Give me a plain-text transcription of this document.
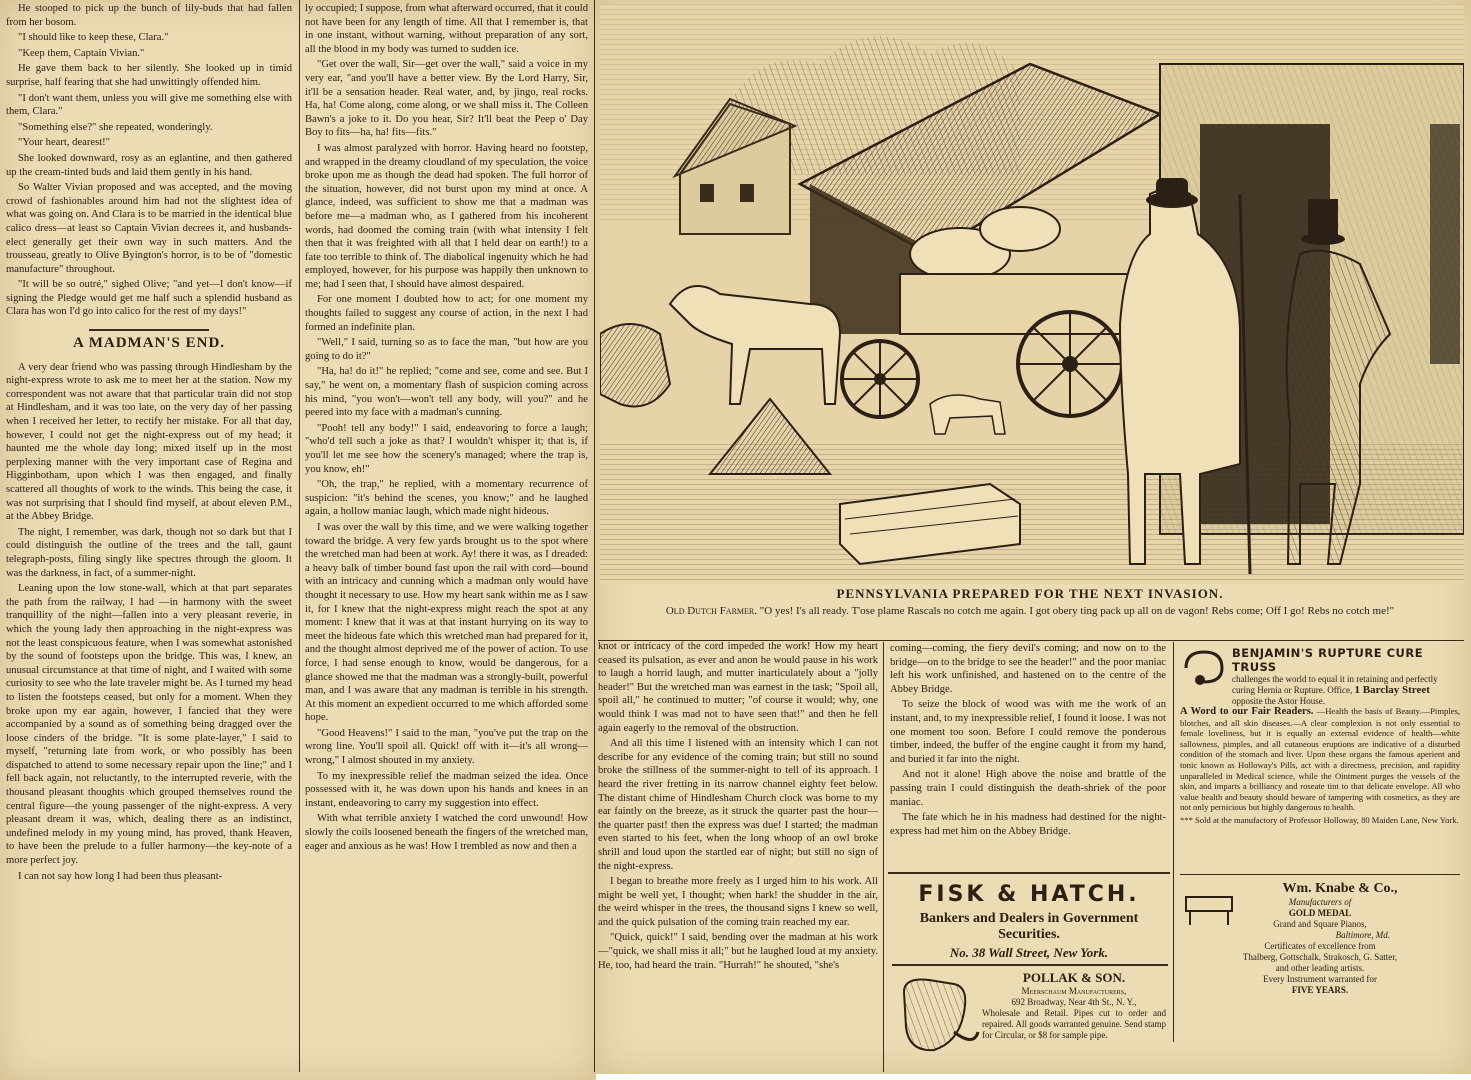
He stooped to pick up the bunch of lily-buds that had fallen from her bosom.

"I should like to keep these, Clara."

"Keep them, Captain Vivian."

He gave them back to her silently. She looked up in timid surprise, half fearing that she had unwittingly offended him.

"I don't want them, unless you will give me something else with them, Clara."

"Something else?" she repeated, wonderingly.

"Your heart, dearest!"

She looked downward, rosy as an eglantine, and then gathered up the cream-tinted buds and laid them gently in his hand.

So Walter Vivian proposed and was accepted, and the moving crowd of fashionables around him had not the slightest idea of what was going on. And Clara is to be married in the identical blue calico dress—at least so Captain Vivian decrees it, and husbands-elect generally get their own way in such matters. And the trousseau, greatly to Olive Byington's horror, is to be of "domestic manufacture" throughout.

"It will be so outré," sighed Olive; "and yet—I don't know—if signing the Pledge would get me half such a splendid husband as Clara has won I'd go into calico for the rest of my days!"

A MADMAN'S END.

A very dear friend who was passing through Hindlesham by the night-express wrote to ask me to meet her at the station. Now my correspondent was not aware that that particular train did not stop at Hindlesham, and it was too late, on the very day of her passing when I received her letter, to rectify her mistake. For all that day, however, I could not get the night-express out of my head; it haunted me the whole day long; mixed itself up in the most perplexing manner with the very important case of Regina and Higginbotham, upon which I was then engaged, and finally scattered all thoughts of work to the winds. This being the case, it was not surprising that I should find myself, at about eleven P.M., at the Abbey Bridge.

The night, I remember, was dark, though not so dark but that I could distinguish the outline of the trees and the tall, gaunt telegraph-posts, filing singly like spectres through the gloom. It was the darkness, in fact, of a summer-night.

Leaning upon the low stone-wall, which at that part separates the path from the railway, I had —in harmony with the sweet tranquillity of the night—fallen into a very pleasant reverie, in which the young lady then approaching in the night-express was not the least conspicuous feature, when I was somewhat astonished by the sound of footsteps upon the bridge. This was, I knew, an unusual circumstance at that time of night, and I waited with some curiosity to see who the late traveler might be. As I turned my head to listen the footsteps ceased, but only for a moment. When they broke upon my ear again, however, I fancied that they were accompanied by a sound as of something being dragged over the loose cinders of the bridge. "It is some plate-layer," I said to myself, "returning late from work, or who possibly has been dispatched to attend to some necessary repair upon the line;" and I fell back again, not reluctantly, to the interrupted reverie, with the thousand pleasant thoughts which grouped themselves round the central figure—the young passenger of the night-express. A very pleasant dream it was, which, dealing there as an indistinct, undefined melody in my young mind, has proved, thank Heaven, to have been the prelude to a fuller harmony—the key-note of a more perfect joy.

I can not say how long I had been thus pleasant-

ly occupied; I suppose, from what afterward occurred, that it could not have been for any length of time. All that I remember is, that in one instant, without warning, without preparation of any sort, all the blood in my body was turned to sudden ice.

"Get over the wall, Sir—get over the wall," said a voice in my very ear, "and you'll have a better view. By the Lord Harry, Sir, it'll be a sensation header. Real water, and, by jingo, real rocks. Ha, ha! Come along, come along, or we shall miss it. The Colleen Bawn's a joke to it. Do you hear, Sir? It'll beat the Peep o' Day Boy to fits—ha, ha! fits—fits."

I was almost paralyzed with horror. Having heard no footstep, and wrapped in the dreamy cloudland of my speculation, the voice broke upon me as though the dead had spoken. The full horror of the situation, however, did not burst upon my mind at once. A glance, indeed, was sufficient to show me that a madman was before me—a madman who, as I gathered from his incoherent words, had doomed the coming train (with what intensity I felt then that it was freighted with all that I held dear on earth!) to a fate too terrible to think of. The diabolical ingenuity which he had employed, however, for his purpose was happily then unknown to me; had I seen that, I should have almost despaired.

For one moment I doubted how to act; for one moment my thoughts failed to suggest any course of action, in the next I had formed an indefinite plan.

"Well," I said, turning so as to face the man, "but how are you going to do it?"

"Ha, ha! do it!" he replied; "come and see, come and see. But I say," he went on, a momentary flash of suspicion coming across his mind, "you won't—won't tell any body, will you?" and he peered into my face with a madman's cunning.

"Pooh! tell any body!" I said, endeavoring to force a laugh; "who'd tell such a joke as that? I wouldn't whisper it; that is, if you'll let me see how the scenery's managed; where the trap is, you know, eh!"

"Oh, the trap," he replied, with a momentary recurrence of suspicion: "it's behind the scenes, you know;" and he laughed again, a hollow maniac laugh, which made night hideous.

I was over the wall by this time, and we were walking together toward the bridge. A very few yards brought us to the spot where the wretched man had been at work. Ay! there it was, as I dreaded: a heavy balk of timber bound fast upon the rail with cord—bound with an intricacy and cunning which a madman only would have thought it necessary to use. How my heart sank within me as I saw it, for I knew that the night-express might reach the spot at any moment: I knew that it was at that instant hurrying on its way to meet the hideous fate which this wretched man had prepared for it, and the thought almost deprived me of the power of action. To use force, I had sense enough to know, would be dangerous, for a glance showed me that the madman was a strongly-built, powerful man, and I was aware that any madman is terrible in his strength. At this moment an expedient occurred to me which afforded some hope.

"Good Heavens!" I said to the man, "you've put the trap on the wrong line. You'll spoil all. Quick! off with it—it's all wrong—wrong," I almost shouted in my anxiety.

To my inexpressible relief the madman seized the idea. Once possessed with it, he was down upon his hands and knees in an instant, endeavoring to carry my suggestion into effect.

With what terrible anxiety I watched the cord unwound! How slowly the coils loosened beneath the fingers of the wretched man, eager and anxious as he was! How I trembled as now and then a

PENNSYLVANIA PREPARED FOR THE NEXT INVASION.
Old Dutch Farmer. "O yes! I's all ready. T'ose plame Rascals no cotch me again. I got obery ting pack up all on de vagon! Rebs come; Off I go! Rebs no cotch me!"

knot or intricacy of the cord impeded the work! How my heart ceased its pulsation, as ever and anon he would pause in his work to laugh a horrid laugh, and mutter inarticulately about a "jolly header!" But the wretched man was earnest in the task; "Spoil all, spoil all," he continued to mutter; "of course it would; why, one would think I was mad not to have seen that!" and then he fell again eagerly to the removal of the obstruction.

And all this time I listened with an intensity which I can not describe for any evidence of the coming train; but still no sound broke the stillness of the summer-night to tell of its approach. I heard the river fretting in its narrow channel eighty feet below. The distant chime of Hindlesham Church clock was borne to my ear faintly on the breeze, as it struck the quarter past the hour—the quarter past! then the express was due! I started; the madman even started to his feet, when the long whoop of an owl broke shrill and loud upon the startled ear of night; but still no sign of the night-express.

I began to breathe more freely as I urged him to his work. All might be well yet, I thought; when hark! the shudder in the air, the weird whisper in the trees, the thousand signs I knew so well, and the quick pulsation of the coming train reached my ear.

"Quick, quick!" I said, bending over the madman at his work—"quick, we shall miss it all;" but he laughed loud at my anxiety. He, too, had heard the train. "Hurrah!" he shouted, "she's

coming—coming, the fiery devil's coming; and now on to the bridge—on to the bridge to see the header!" and the poor maniac left his work unfinished, and hastened on to the centre of the Abbey Bridge.

To seize the block of wood was with me the work of an instant, and, to my inexpressible relief, I found it loose. I was not one moment too soon. Before I could remove the ponderous timber, indeed, the buffer of the engine caught it from my hand, and buried it far into the night.

And not it alone! High above the noise and brattle of the passing train I could distinguish the death-shriek of the poor maniac.

The fate which he in his madness had destined for the night-express had met him on the Abbey Bridge.

FISK & HATCH.
Bankers and Dealers in Government
Securities.
No. 38 Wall Street, New York.
POLLAK & SON.
Meerschaum Manufacturers,
692 Broadway, Near 4th St., N. Y.,
Wholesale and Retail. Pipes cut to order and repaired. All goods warranted genuine. Send stamp for Circular, or $8 for sample pipe.
BENJAMIN'S RUPTURE CURE TRUSS
challenges the world to equal it in retaining and perfectly curing Hernia or Rupture. Office, 1 Barclay Street opposite the Astor House.
A Word to our Fair Readers. —Health the basis of Beauty.—Pimples, blotches, and all skin diseases.—A clear complexion is not only essential to female loveliness, but it is equally an external evidence of health—white sallowness, pimples, and all cutaneous eruptions are indicative of a disturbed condition of the stomach and liver. Upon these organs the famous aperient and tonic known as Holloway's Pills, act with a directness, precision, and rapidity unparalleled in Medical science, while the Ointment purges the vessels of the skin, and imparts a brilliancy and roseate tint to that delicate envelope. All who value health and beauty should beware of tampering with cosmetics, as they are not only pernicious but highly dangerous to health.
*** Sold at the manufactory of Professor Holloway, 80 Maiden Lane, New York.
Wm. Knabe & Co.,
Manufacturers of
GOLD MEDAL
Grand and Square Pianos,
Baltimore, Md.
Certificates of excellence from
Thalberg, Gottschalk, Strakosch, G. Satter,
and other leading artists.
Every Instrument warranted for
FIVE YEARS.
